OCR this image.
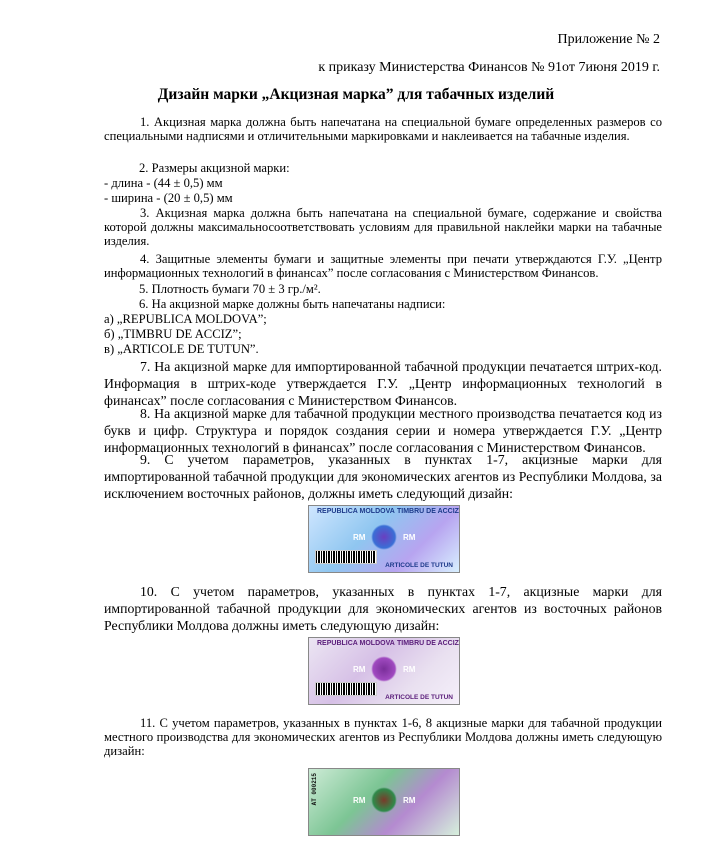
Приложение № 2
к приказу Министерства Финансов № 91от 7июня 2019 г.
Дизайн марки „Акцизная марка” для табачных изделий
1. Акцизная марка должна быть напечатана на специальной бумаге определенных размеров со специальными надписями и отличительными маркировками и наклеивается на табачные изделия.
2. Размеры акцизной марки:
- длина - (44 ± 0,5) мм
- ширина - (20 ± 0,5) мм
3. Акцизная марка должна быть напечатана на специальной бумаге, содержание и свойства которой должны максимальносоответствовать условиям для правильной наклейки марки на табачные изделия.
4. Защитные элементы бумаги и защитные элементы при печати утверждаются Г.У. „Центр информационных технологий в финансах” после согласования с Министерством Финансов.
5. Плотность бумаги 70 ± 3 гр./м².
6. На акцизной марке должны быть напечатаны надписи:
а) „REPUBLICA MOLDOVA”;
б) „TIMBRU DE ACCIZ”;
в) „ARTICOLE DE TUTUN”.
7. На акцизной марке для импортированной табачной продукции печатается штрих-код. Информация в штрих-коде утверждается Г.У. „Центр информационных технологий в финансах” после согласования с Министерством Финансов.
8. На акцизной марке для табачной продукции местного производства печатается код из букв и цифр. Структура и порядок создания серии и номера утверждается Г.У. „Центр информационных технологий в финансах” после согласования с Министерством Финансов.
9. С учетом параметров, указанных в пунктах 1-7, акцизные марки для импортированной табачной продукции для экономических агентов из Республики Молдова, за исключением восточных районов, должны иметь следующий дизайн:
REPUBLICA MOLDOVA TIMBRU DE ACCIZ
RM	RM
ARTICOLE DE TUTUN
10. С учетом параметров, указанных в пунктах 1-7, акцизные марки для импортированной табачной продукции для экономических агентов из восточных районов Республики Молдова должны иметь следующую дизайн:
REPUBLICA MOLDOVA TIMBRU DE ACCIZ
RM	RM
ARTICOLE DE TUTUN
11. С учетом параметров, указанных в пунктах 1-6, 8 акцизные марки для табачной продукции местного производства для экономических агентов из Республики Молдова должны иметь следующую дизайн:
AT 000215	RM	RM
